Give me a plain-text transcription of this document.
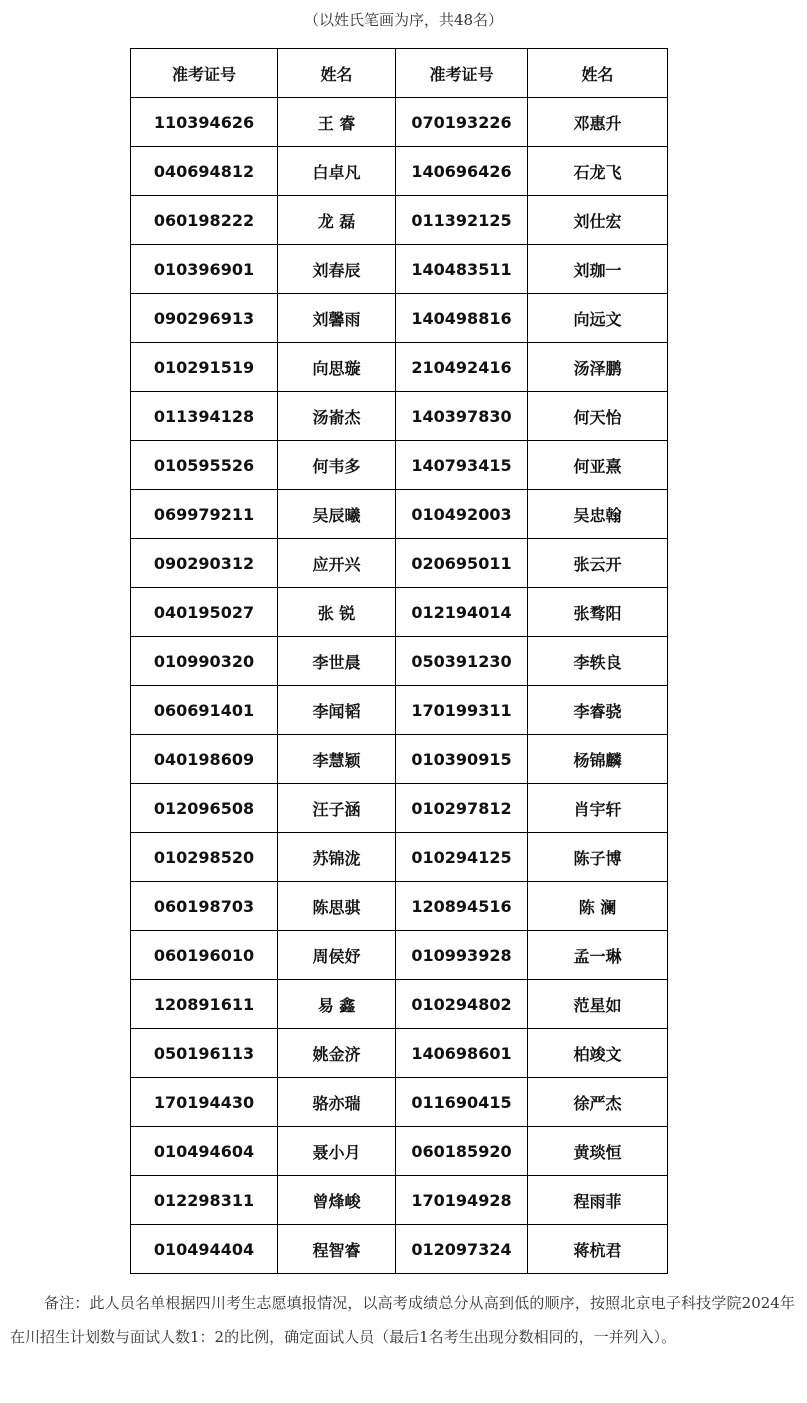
（以姓氏笔画为序，共48名）
准考证号	姓名	准考证号	姓名
110394626	王 睿	070193226	邓惠升
040694812	白卓凡	140696426	石龙飞
060198222	龙 磊	011392125	刘仕宏
010396901	刘春辰	140483511	刘珈一
090296913	刘馨雨	140498816	向远文
010291519	向思璇	210492416	汤泽鹏
011394128	汤嵛杰	140397830	何天怡
010595526	何韦多	140793415	何亚熹
069979211	吴辰曦	010492003	吴忠翰
090290312	应开兴	020695011	张云开
040195027	张 锐	012194014	张骛阳
010990320	李世晨	050391230	李轶良
060691401	李闻韬	170199311	李睿骁
040198609	李慧颖	010390915	杨锦麟
012096508	汪子涵	010297812	肖宇轩
010298520	苏锦泷	010294125	陈子博
060198703	陈思骐	120894516	陈 澜
060196010	周侯妤	010993928	孟一琳
120891611	易 鑫	010294802	范星如
050196113	姚金济	140698601	柏竣文
170194430	骆亦瑞	011690415	徐严杰
010494604	聂小月	060185920	黄琰恒
012298311	曾烽峻	170194928	程雨菲
010494404	程智睿	012097324	蒋杭君
备注：此人员名单根据四川考生志愿填报情况，以高考成绩总分从高到低的顺序，按照北京电子科技学院2024年在川招生计划数与面试人数1：2的比例，确定面试人员（最后1名考生出现分数相同的，一并列入）。
